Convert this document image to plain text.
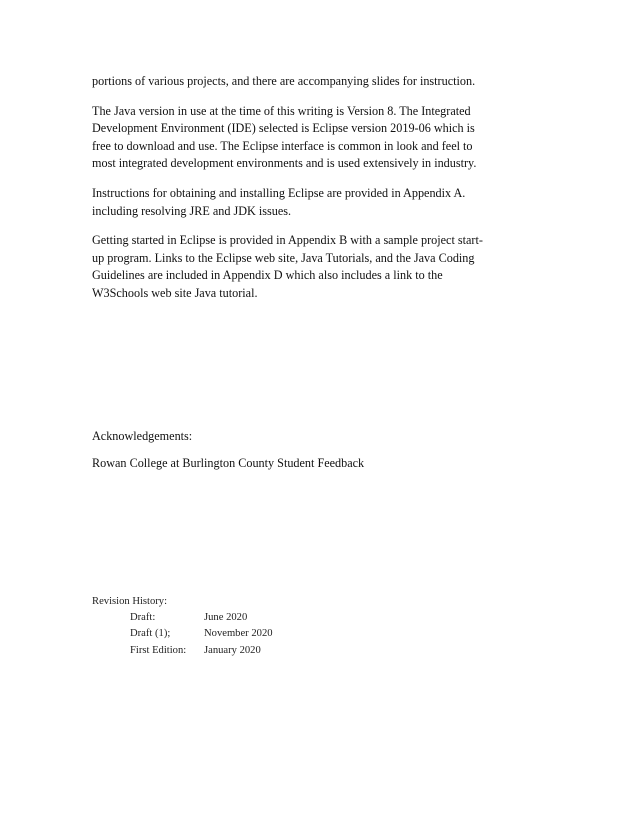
portions of various projects, and there are accompanying slides for instruction.

The Java version in use at the time of this writing is Version 8. The Integrated Development Environment (IDE) selected is Eclipse version 2019-06 which is free to download and use. The Eclipse interface is common in look and feel to most integrated development environments and is used extensively in industry.

Instructions for obtaining and installing Eclipse are provided in Appendix A. including resolving JRE and JDK issues.

Getting started in Eclipse is provided in Appendix B with a sample project start-up program. Links to the Eclipse web site, Java Tutorials, and the Java Coding Guidelines are included in Appendix D which also includes a link to the W3Schools web site Java tutorial.

Acknowledgements:

Rowan College at Burlington County Student Feedback

Revision History:

Draft:	June 2020
Draft (1);	November 2020
First Edition:	January 2020
